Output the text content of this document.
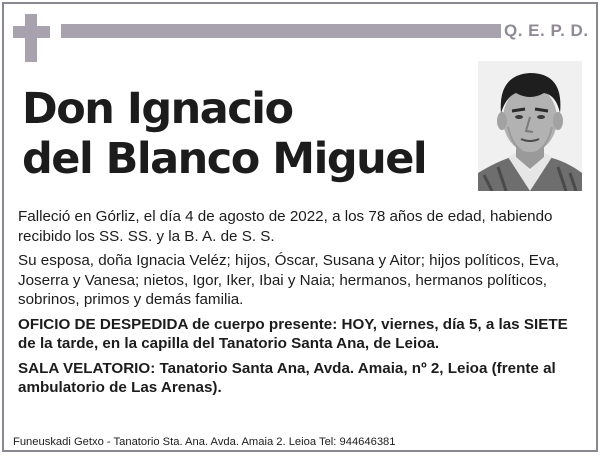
Q. E. P. D.
Don Ignacio
del Blanco Miguel

Falleció en Górliz, el día 4 de agosto de 2022, a los 78 años de edad, habiendo recibido los SS. SS. y la B. A. de S. S.

Su esposa, doña Ignacia Veléz; hijos, Óscar, Susana y Aitor; hijos políticos, Eva, Joserra y Vanesa; nietos, Igor, Iker, Ibai y Naia; hermanos, hermanos políticos, sobrinos, primos y demás familia.

OFICIO DE DESPEDIDA de cuerpo presente: HOY, viernes, día 5, a las SIETE de la tarde, en la capilla del Tanatorio Santa Ana, de Leioa.

SALA VELATORIO: Tanatorio Santa Ana, Avda. Amaia, nº 2, Leioa (frente al ambulatorio de Las Arenas).

Funeuskadi Getxo - Tanatorio Sta. Ana. Avda. Amaia 2. Leioa Tel: 944646381
